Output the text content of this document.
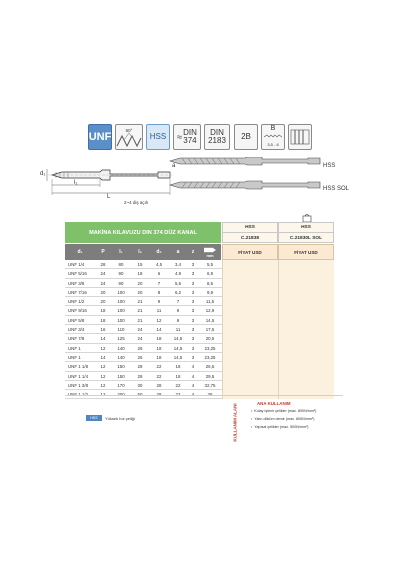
UNF
60°
HSS ≈ DIN
374
DIN
2183 2B
B
3,5 - 6
L
l₁
d₁
a
2~4 diş açılı
HSS
HSS SOL
MAKİNA KILAVUZU DIN 374 DÜZ KANAL
HSS
C.21838
HSS
C.21830L SOL
d₁	P	l₁	l₂	d₂	a	z	mm
FİYAT USD	FİYAT USD
UNF 1/4	28	80	15	4,5	3,4	3	5,5
UNF 5/16	24	90	18	6	4,9	3	6,9
UNF 3/8	24	90	20	7	5,5	3	8,5
UNF 7/16	20	100	20	8	6,2	3	9,9
UNF 1/2	20	100	21	9	7	3	11,5
UNF 9/16	18	100	21	11	9	3	12,9
UNF 5/8	18	100	21	12	9	3	14,5
UNF 3/4	16	110	24	14	11	3	17,5
UNF 7/8	14	125	24	18	14,5	3	20,5
UNF 1	12	140	26	18	14,5	3	23,25
UNF 1	14	140	26	18	14,5	3	23,25
UNF 1 1/8	12	150	28	22	18	4	26,5
UNF 1 1/4	12	150	28	22	18	4	29,5
UNF 1 3/8	12	170	30	28	22	4	32,75
UNF 1 1/2	12	200	50	28	22	4	36
HSS	Yüksek hız çeliği	KULLANIM ALANI	ANA KULLANIM
• Kolay işlenir çelikler (max. 800N/mm²)
• Yalın döküm demir (max. 800N/mm²)
• Yapısal çelikler (max. 500N/mm²)
